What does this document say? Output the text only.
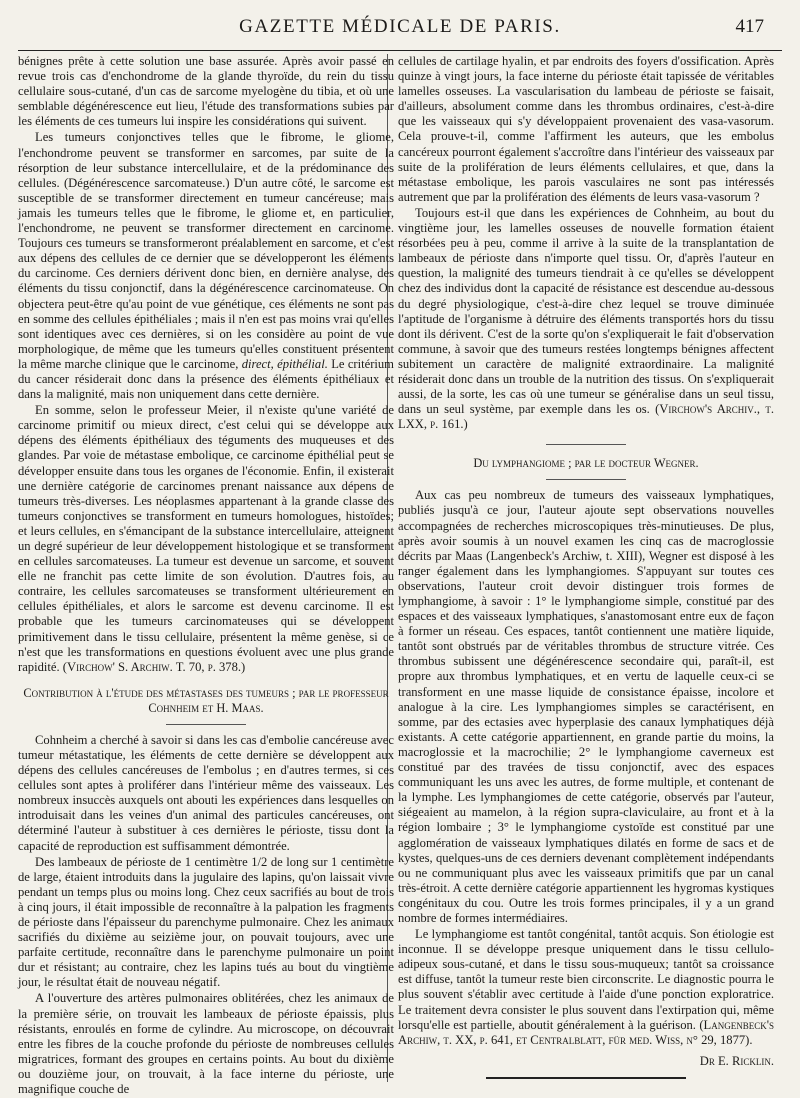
GAZETTE MÉDICALE DE PARIS.	417

bénignes prête à cette solution une base assurée. Après avoir passé en revue trois cas d'enchondrome de la glande thyroïde, du rein du tissu cellulaire sous-cutané, d'un cas de sarcome myelogène du tibia, et où une semblable dégénérescence eut lieu, l'étude des transformations subies par les éléments de ces tumeurs lui inspire les considérations qui suivent.

Les tumeurs conjonctives telles que le fibrome, le gliome, l'enchondrome peuvent se transformer en sarcomes, par suite de la résorption de leur substance intercellulaire, et de la prédominance des cellules. (Dégénérescence sarcomateuse.) D'un autre côté, le sarcome est susceptible de se transformer directement en tumeur cancéreuse; mais jamais les tumeurs telles que le fibrome, le gliome et, en particulier, l'enchondrome, ne peuvent se transformer directement en carcinome. Toujours ces tumeurs se transformeront préalablement en sarcome, et c'est aux dépens des cellules de ce dernier que se développeront les éléments du carcinome. Ces derniers dérivent donc bien, en dernière analyse, des éléments du tissu conjonctif, dans la dégénérescence carcinomateuse. On objectera peut-être qu'au point de vue génétique, ces éléments ne sont pas en somme des cellules épithéliales ; mais il n'en est pas moins vrai qu'elles sont identiques avec ces dernières, si on les considère au point de vue morphologique, de même que les tumeurs qu'elles constituent présentent la même marche clinique que le carcinome, direct, épithélial. Le critérium du cancer résiderait donc dans la présence des éléments épithéliaux et dans la malignité, mais non uniquement dans cette dernière.

En somme, selon le professeur Meier, il n'existe qu'une variété de carcinome primitif ou mieux direct, c'est celui qui se développe aux dépens des éléments épithéliaux des téguments des muqueuses et des glandes. Par voie de métastase embolique, ce carcinome épithélial peut se développer ensuite dans tous les organes de l'économie. Enfin, il existerait une dernière catégorie de carcinomes prenant naissance aux dépens de tumeurs très-diverses. Les néoplasmes appartenant à la grande classe des tumeurs conjonctives se transforment en tumeurs homologues, histoïdes; et leurs cellules, en s'émancipant de la substance intercellulaire, atteignent un degré supérieur de leur développement histologique et se transforment en cellules sarcomateuses. La tumeur est devenue un sarcome, et souvent elle ne franchit pas cette limite de son évolution. D'autres fois, au contraire, les cellules sarcomateuses se transforment ultérieurement en cellules épithéliales, et alors le sarcome est devenu carcinome. Il est probable que les tumeurs carcinomateuses qui se développent primitivement dans le tissu cellulaire, présentent la même genèse, si ce n'est que les transformations en questions évoluent avec une plus grande rapidité. (Virchow' S. Archiw. T. 70, p. 378.)

Contribution à l'étude des métastases des tumeurs ; par le professeur Cohnheim et H. Maas.

Cohnheim a cherché à savoir si dans les cas d'embolie cancéreuse avec tumeur métastatique, les éléments de cette dernière se développent aux dépens des cellules cancéreuses de l'embolus ; en d'autres termes, si ces cellules sont aptes à proliférer dans l'intérieur même des vaisseaux. Les nombreux insuccès auxquels ont abouti les expériences dans lesquelles on introduisait dans les veines d'un animal des particules cancéreuses, ont déterminé l'auteur à substituer à ces dernières le périoste, tissu dont la capacité de reproduction est suffisamment démontrée.

Des lambeaux de périoste de 1 centimètre 1/2 de long sur 1 centimètre de large, étaient introduits dans la jugulaire des lapins, qu'on laissait vivre pendant un temps plus ou moins long. Chez ceux sacrifiés au bout de trois à cinq jours, il était impossible de reconnaître à la palpation les fragments de périoste dans l'épaisseur du parenchyme pulmonaire. Chez les animaux sacrifiés du dixième au seizième jour, on pouvait toujours, avec une parfaite certitude, reconnaître dans le parenchyme pulmonaire un point dur et résistant; au contraire, chez les lapins tués au bout du vingtième jour, le résultat était de nouveau négatif.

A l'ouverture des artères pulmonaires oblitérées, chez les animaux de la première série, on trouvait les lambeaux de périoste épaissis, plus résistants, enroulés en forme de cylindre. Au microscope, on découvrait entre les fibres de la couche profonde du périoste de nombreuses cellules migratrices, formant des groupes en certains points. Au bout du dixième ou douzième jour, on trouvait, à la face interne du périoste, une magnifique couche de

cellules de cartilage hyalin, et par endroits des foyers d'ossification. Après quinze à vingt jours, la face interne du périoste était tapissée de véritables lamelles osseuses. La vascularisation du lambeau de périoste se faisait, d'ailleurs, absolument comme dans les thrombus ordinaires, c'est-à-dire que les vaisseaux qui s'y développaient provenaient des vasa-vasorum. Cela prouve-t-il, comme l'affirment les auteurs, que les embolus cancéreux pourront également s'accroître dans l'intérieur des vaisseaux par suite de la prolifération de leurs éléments cellulaires, et que, dans la métastase embolique, les parois vasculaires ne sont pas intéressés autrement que par la prolifération des éléments de leurs vasa-vasorum ?

Toujours est-il que dans les expériences de Cohnheim, au bout du vingtième jour, les lamelles osseuses de nouvelle formation étaient résorbées peu à peu, comme il arrive à la suite de la transplantation de lambeaux de périoste dans n'importe quel tissu. Or, d'après l'auteur en question, la malignité des tumeurs tiendrait à ce qu'elles se développent chez des individus dont la capacité de résistance est descendue au-dessous du degré physiologique, c'est-à-dire chez lequel se trouve diminuée l'aptitude de l'organisme à détruire des éléments transportés hors du tissu dont ils dérivent. C'est de la sorte qu'on s'expliquerait le fait d'observation commune, à savoir que des tumeurs restées longtemps bénignes affectent subitement un caractère de malignité extraordinaire. La malignité résiderait donc dans un trouble de la nutrition des tissus. On s'expliquerait aussi, de la sorte, les cas où une tumeur se généralise dans un seul tissu, dans un seul système, par exemple dans les os. (Virchow's Archiv., t. LXX, p. 161.)

Du lymphangiome ; par le docteur Wegner.

Aux cas peu nombreux de tumeurs des vaisseaux lymphatiques, publiés jusqu'à ce jour, l'auteur ajoute sept observations nouvelles accompagnées de recherches microscopiques très-minutieuses. De plus, après avoir soumis à un nouvel examen les cinq cas de macroglossie décrits par Maas (Langenbeck's Archiw, t. XIII), Wegner est disposé à les ranger également dans les lymphangiomes. S'appuyant sur toutes ces observations, l'auteur croit devoir distinguer trois formes de lymphangiome, à savoir : 1° le lymphangiome simple, constitué par des espaces et des vaisseaux lymphatiques, s'anastomosant entre eux de façon à former un réseau. Ces espaces, tantôt contiennent une matière liquide, tantôt sont obstrués par de véritables thrombus de structure vitrée. Ces thrombus subissent une dégénérescence secondaire qui, paraît-il, est propre aux thrombus lymphatiques, et en vertu de laquelle ceux-ci se transforment en une masse liquide de consistance épaisse, incolore et analogue à la cire. Les lymphangiomes simples se caractérisent, en somme, par des ectasies avec hyperplasie des canaux lymphatiques déjà existants. A cette catégorie appartiennent, en grande partie du moins, la macroglossie et la macrochilie; 2° le lymphangiome caverneux est constitué par des travées de tissu conjonctif, avec des espaces communiquant les uns avec les autres, de forme multiple, et contenant de la lymphe. Les lymphangiomes de cette catégorie, observés par l'auteur, siégeaient au mamelon, à la région supra-claviculaire, au front et à la région lombaire ; 3° le lymphangiome cystoïde est constitué par une agglomération de vaisseaux lymphatiques dilatés en forme de sacs et de kystes, quelques-uns de ces derniers devenant complètement indépendants ou ne communiquant plus avec les vaisseaux primitifs que par un canal très-étroit. A cette dernière catégorie appartiennent les hygromas kystiques congénitaux du cou. Outre les trois formes principales, il y a un grand nombre de formes intermédiaires.

Le lymphangiome est tantôt congénital, tantôt acquis. Son étiologie est inconnue. Il se développe presque uniquement dans le tissu cellulo-adipeux sous-cutané, et dans le tissu sous-muqueux; tantôt sa croissance est diffuse, tantôt la tumeur reste bien circonscrite. Le diagnostic pourra le plus souvent s'établir avec certitude à l'aide d'une ponction exploratrice. Le traitement devra consister le plus souvent dans l'extirpation qui, même lorsqu'elle est partielle, aboutit généralement à la guérison. (Langenbeck's Archiw, t. XX, p. 641, et Centralblatt, für med. Wiss, n° 29, 1877).

Dr E. Ricklin.
